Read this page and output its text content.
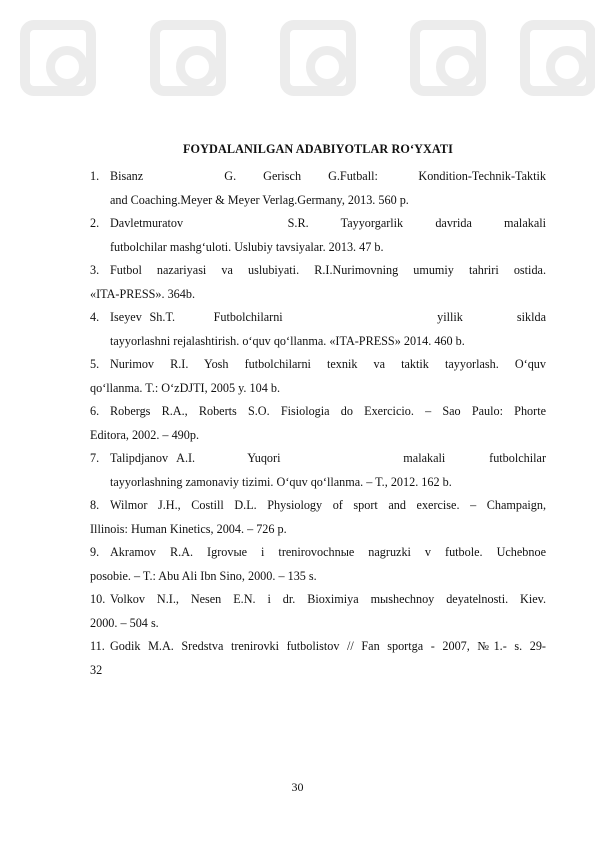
FOYDALANILGAN ADABIYOTLAR RO‘YXATI
1. Bisanz            G.    Gerisch    G.Futball:      Kondition-Technik-Taktik
and Coaching.Meyer & Meyer Verlag.Germany, 2013. 560 p.
2. Davletmuratov             S.R.    Tayyorgarlik    davrida    malakali
futbolchilar mashg‘uloti. Uslubiy tavsiyalar. 2013. 47 b.
3. Futbol nazariyasi va uslubiyati. R.I.Nurimovning umumiy tahriri ostida.
«ITA-PRESS». 364b.
4. Iseyev Sh.T.     Futbolchilarni                    yillik       siklda
tayyorlashni rejalashtirish. o‘quv qo‘llanma. «ITA-PRESS» 2014. 460 b.
5. Nurimov R.I. Yosh futbolchilarni texnik va taktik tayyorlash. O‘quv
qo‘llanma. T.: O‘zDJTI, 2005 y. 104 b.
6. Robergs R.A., Roberts S.O. Fisiologia do Exercicio. – Sao Paulo: Phorte
Editora, 2002. – 490p.
7. Talipdjanov A.I.      Yuqori              malakali     futbolchilar
tayyorlashning zamonaviy tizimi. O‘quv qo‘llanma. – T., 2012. 162 b.
8. Wilmor J.H., Costill D.L. Physiology of sport and exercise. – Champaign,
Illinois: Human Kinetics, 2004. – 726 p.
9. Akramov R.A. Igrovыe i trenirovochnыe nagruzki v futbole. Uchebnoe
posobie. – T.: Abu Ali Ibn Sino, 2000. – 135 s.
10. Volkov N.I., Nesen E.N. i dr. Bioximiya mыshechnoy deyatelnosti. Kiev.
2000. – 504 s.
11. Godik M.A. Sredstva trenirovki futbolistov // Fan sportga - 2007, №1.- s. 29-
32
30
